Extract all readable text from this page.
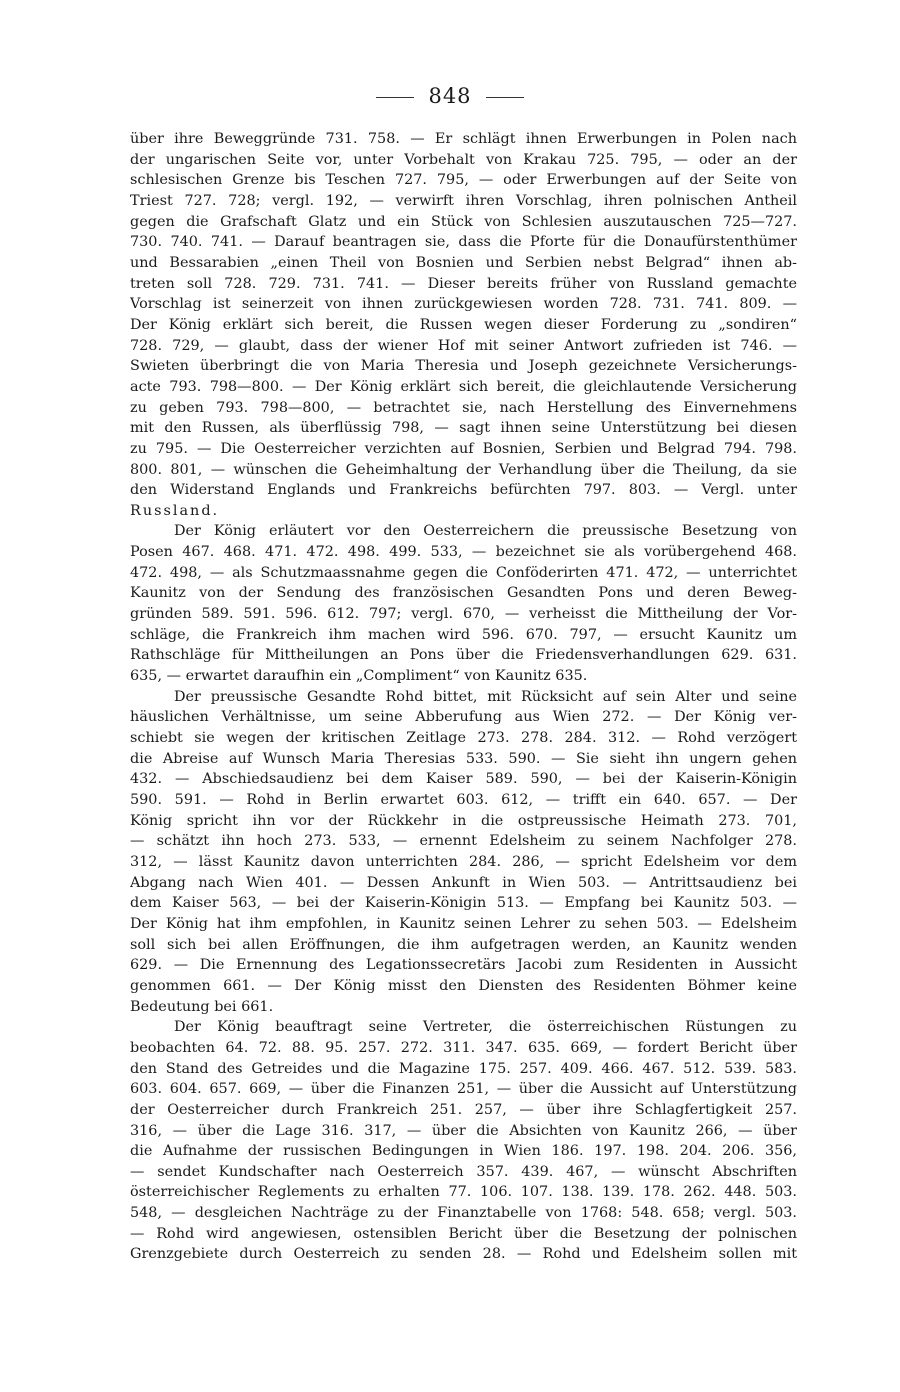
848
über ihre Beweggründe 731. 758. — Er schlägt ihnen Erwerbungen in Polen nach
der ungarischen Seite vor, unter Vorbehalt von Krakau 725. 795, — oder an der
schlesischen Grenze bis Teschen 727. 795, — oder Erwerbungen auf der Seite von
Triest 727. 728; vergl. 192, — verwirft ihren Vorschlag, ihren polnischen Antheil
gegen die Grafschaft Glatz und ein Stück von Schlesien auszutauschen 725—727.
730. 740. 741. — Darauf beantragen sie, dass die Pforte für die Donaufürstenthümer
und Bessarabien „einen Theil von Bosnien und Serbien nebst Belgrad“ ihnen ab-
treten soll 728. 729. 731. 741. — Dieser bereits früher von Russland gemachte
Vorschlag ist seinerzeit von ihnen zurückgewiesen worden 728. 731. 741. 809. —
Der König erklärt sich bereit, die Russen wegen dieser Forderung zu „sondiren“
728. 729, — glaubt, dass der wiener Hof mit seiner Antwort zufrieden ist 746. —
Swieten überbringt die von Maria Theresia und Joseph gezeichnete Versicherungs-
acte 793. 798—800. — Der König erklärt sich bereit, die gleichlautende Versicherung
zu geben 793. 798—800, — betrachtet sie, nach Herstellung des Einvernehmens
mit den Russen, als überflüssig 798, — sagt ihnen seine Unterstützung bei diesen
zu 795. — Die Oesterreicher verzichten auf Bosnien, Serbien und Belgrad 794. 798.
800. 801, — wünschen die Geheimhaltung der Verhandlung über die Theilung, da sie
den Widerstand Englands und Frankreichs befürchten 797. 803. — Vergl. unter
Russland.
Der König erläutert vor den Oesterreichern die preussische Besetzung von
Posen 467. 468. 471. 472. 498. 499. 533, — bezeichnet sie als vorübergehend 468.
472. 498, — als Schutzmaassnahme gegen die Conföderirten 471. 472, — unterrichtet
Kaunitz von der Sendung des französischen Gesandten Pons und deren Beweg-
gründen 589. 591. 596. 612. 797; vergl. 670, — verheisst die Mittheilung der Vor-
schläge, die Frankreich ihm machen wird 596. 670. 797, — ersucht Kaunitz um
Rathschläge für Mittheilungen an Pons über die Friedensverhandlungen 629. 631.
635, — erwartet daraufhin ein „Compliment“ von Kaunitz 635.
Der preussische Gesandte Rohd bittet, mit Rücksicht auf sein Alter und seine
häuslichen Verhältnisse, um seine Abberufung aus Wien 272. — Der König ver-
schiebt sie wegen der kritischen Zeitlage 273. 278. 284. 312. — Rohd verzögert
die Abreise auf Wunsch Maria Theresias 533. 590. — Sie sieht ihn ungern gehen
432. — Abschiedsaudienz bei dem Kaiser 589. 590, — bei der Kaiserin-Königin
590. 591. — Rohd in Berlin erwartet 603. 612, — trifft ein 640. 657. — Der
König spricht ihn vor der Rückkehr in die ostpreussische Heimath 273. 701,
— schätzt ihn hoch 273. 533, — ernennt Edelsheim zu seinem Nachfolger 278.
312, — lässt Kaunitz davon unterrichten 284. 286, — spricht Edelsheim vor dem
Abgang nach Wien 401. — Dessen Ankunft in Wien 503. — Antrittsaudienz bei
dem Kaiser 563, — bei der Kaiserin-Königin 513. — Empfang bei Kaunitz 503. —
Der König hat ihm empfohlen, in Kaunitz seinen Lehrer zu sehen 503. — Edelsheim
soll sich bei allen Eröffnungen, die ihm aufgetragen werden, an Kaunitz wenden
629. — Die Ernennung des Legationssecretärs Jacobi zum Residenten in Aussicht
genommen 661. — Der König misst den Diensten des Residenten Böhmer keine
Bedeutung bei 661.
Der König beauftragt seine Vertreter, die österreichischen Rüstungen zu
beobachten 64. 72. 88. 95. 257. 272. 311. 347. 635. 669, — fordert Bericht über
den Stand des Getreides und die Magazine 175. 257. 409. 466. 467. 512. 539. 583.
603. 604. 657. 669, — über die Finanzen 251, — über die Aussicht auf Unterstützung
der Oesterreicher durch Frankreich 251. 257, — über ihre Schlagfertigkeit 257.
316, — über die Lage 316. 317, — über die Absichten von Kaunitz 266, — über
die Aufnahme der russischen Bedingungen in Wien 186. 197. 198. 204. 206. 356,
— sendet Kundschafter nach Oesterreich 357. 439. 467, — wünscht Abschriften
österreichischer Reglements zu erhalten 77. 106. 107. 138. 139. 178. 262. 448. 503.
548, — desgleichen Nachträge zu der Finanztabelle von 1768: 548. 658; vergl. 503.
— Rohd wird angewiesen, ostensiblen Bericht über die Besetzung der polnischen
Grenzgebiete durch Oesterreich zu senden 28. — Rohd und Edelsheim sollen mit
